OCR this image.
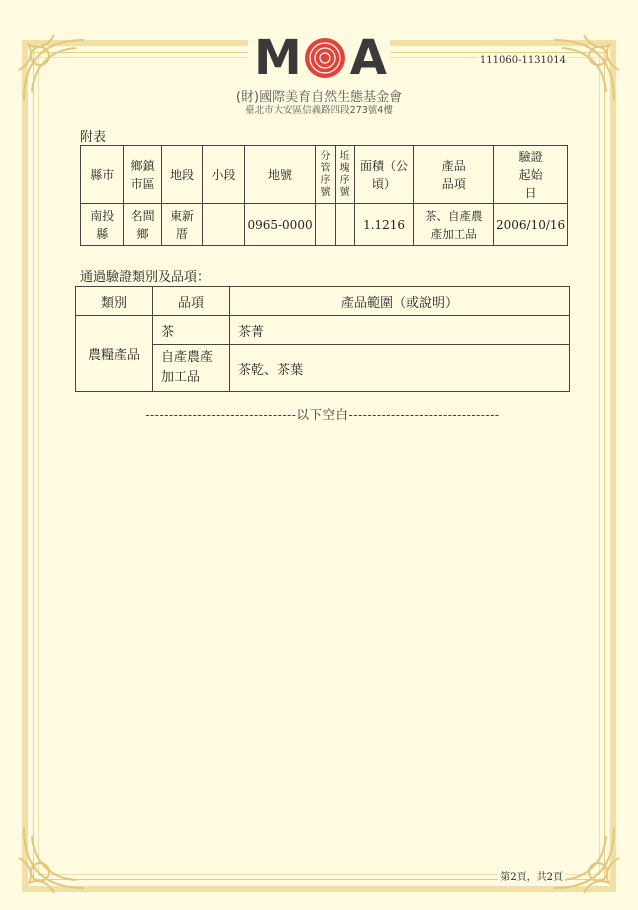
M A
(財)國際美育自然生態基金會
臺北市大安區信義路四段273號4樓
111060-1131014
附表
縣市	鄉鎮市區	地段	小段	地號	分管序號	坵塊序號	面積（公頃）	產品品項	驗證起始日
南投縣	名間鄉	東新厝		0965-0000			1.1216	茶、自產農產加工品	2006/10/16
通過驗證類別及品項：
類別	品項	產品範圍（或說明）
農糧產品	茶	茶菁
	自產農產加工品	茶乾、茶葉
--------------------------------以下空白--------------------------------
第2頁，共2頁
